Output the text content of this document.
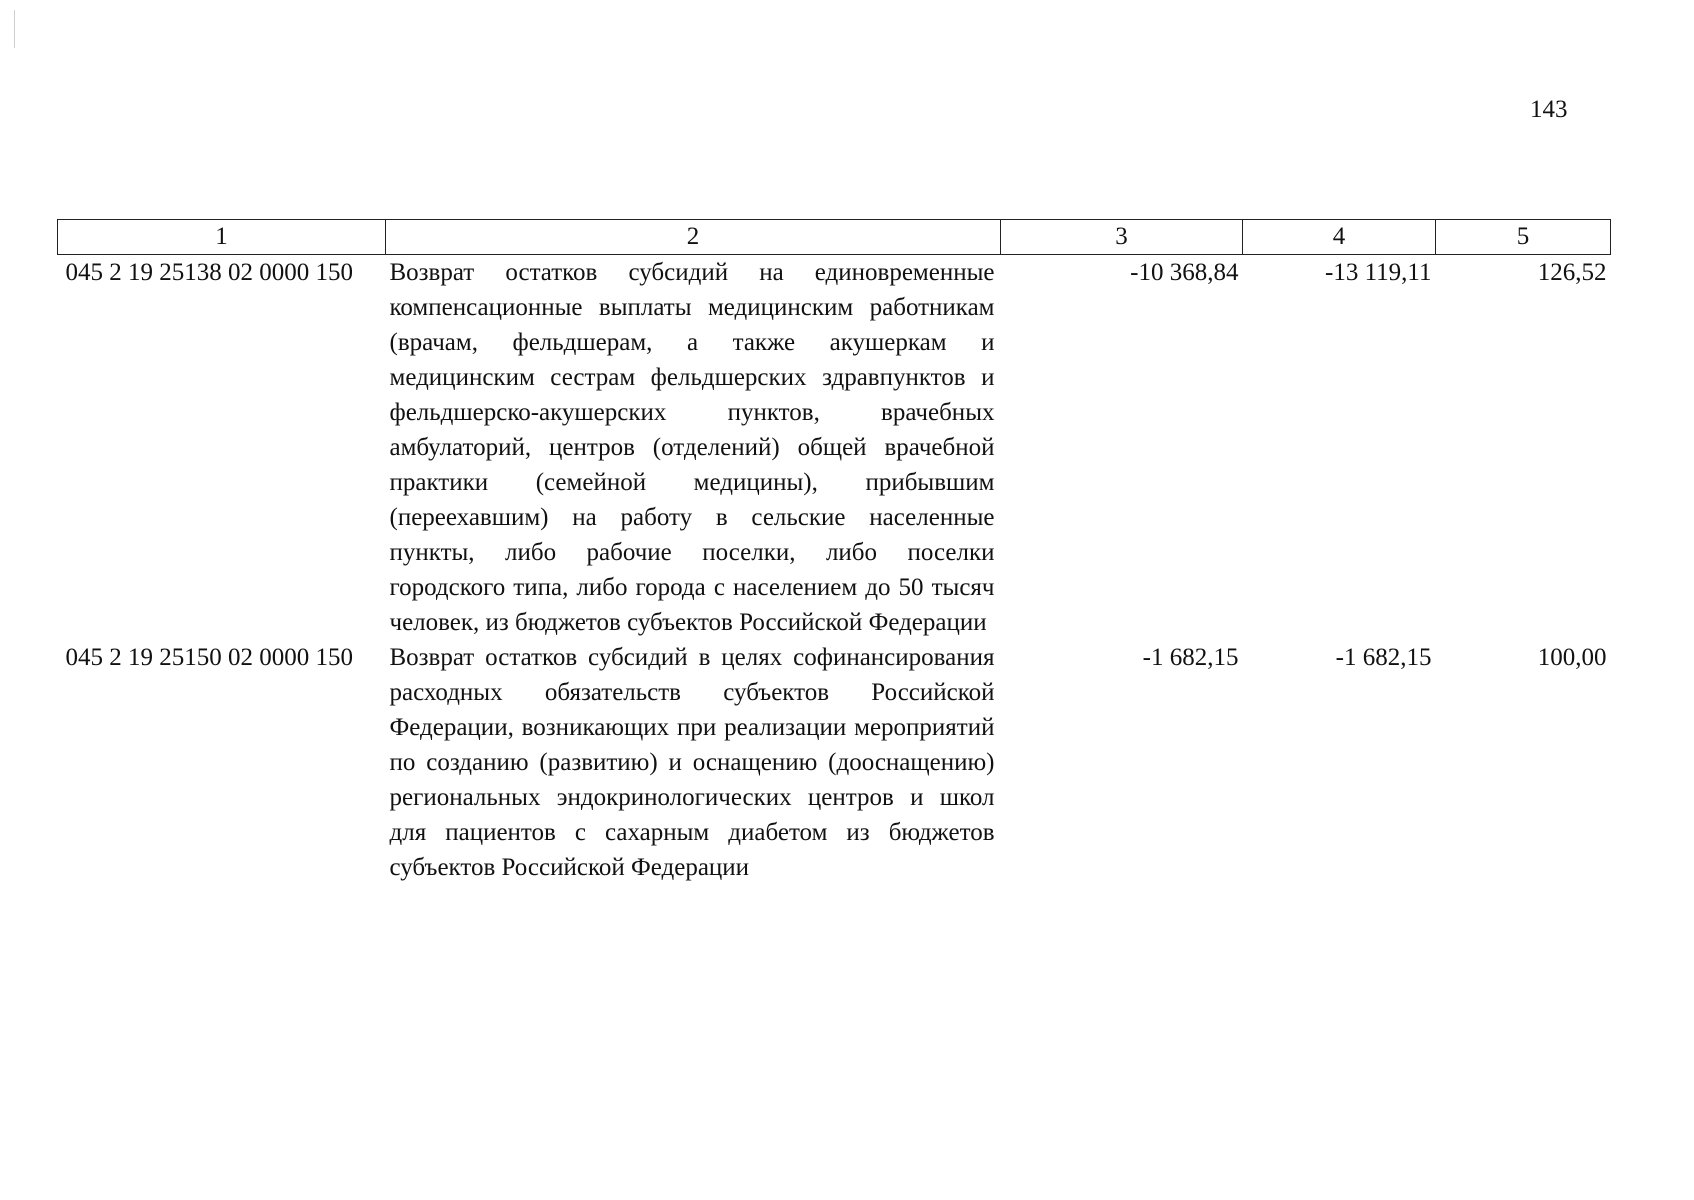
143
1	2	3	4	5
045 2 19 25138 02 0000 150	Возврат остатков субсидий на единовременные компенсационные выплаты медицинским работникам (врачам, фельдшерам, а также акушеркам и медицинским сестрам фельдшерских здравпунктов и фельдшерско-акушерских пунктов, врачебных амбулаторий, центров (отделений) общей врачебной практики (семейной медицины), прибывшим (переехавшим) на работу в сельские населенные пункты, либо рабочие поселки, либо поселки городского типа, либо города с населением до 50 тысяч человек, из бюджетов субъектов Российской Федерации	-10 368,84	-13 119,11	126,52
045 2 19 25150 02 0000 150	Возврат остатков субсидий в целях софинансирования расходных обязательств субъектов Российской Федерации, возникающих при реализации мероприятий по созданию (развитию) и оснащению (дооснащению) региональных эндокринологических центров и школ для пациентов с сахарным диабетом из бюджетов субъектов Российской Федерации	-1 682,15	-1 682,15	100,00
